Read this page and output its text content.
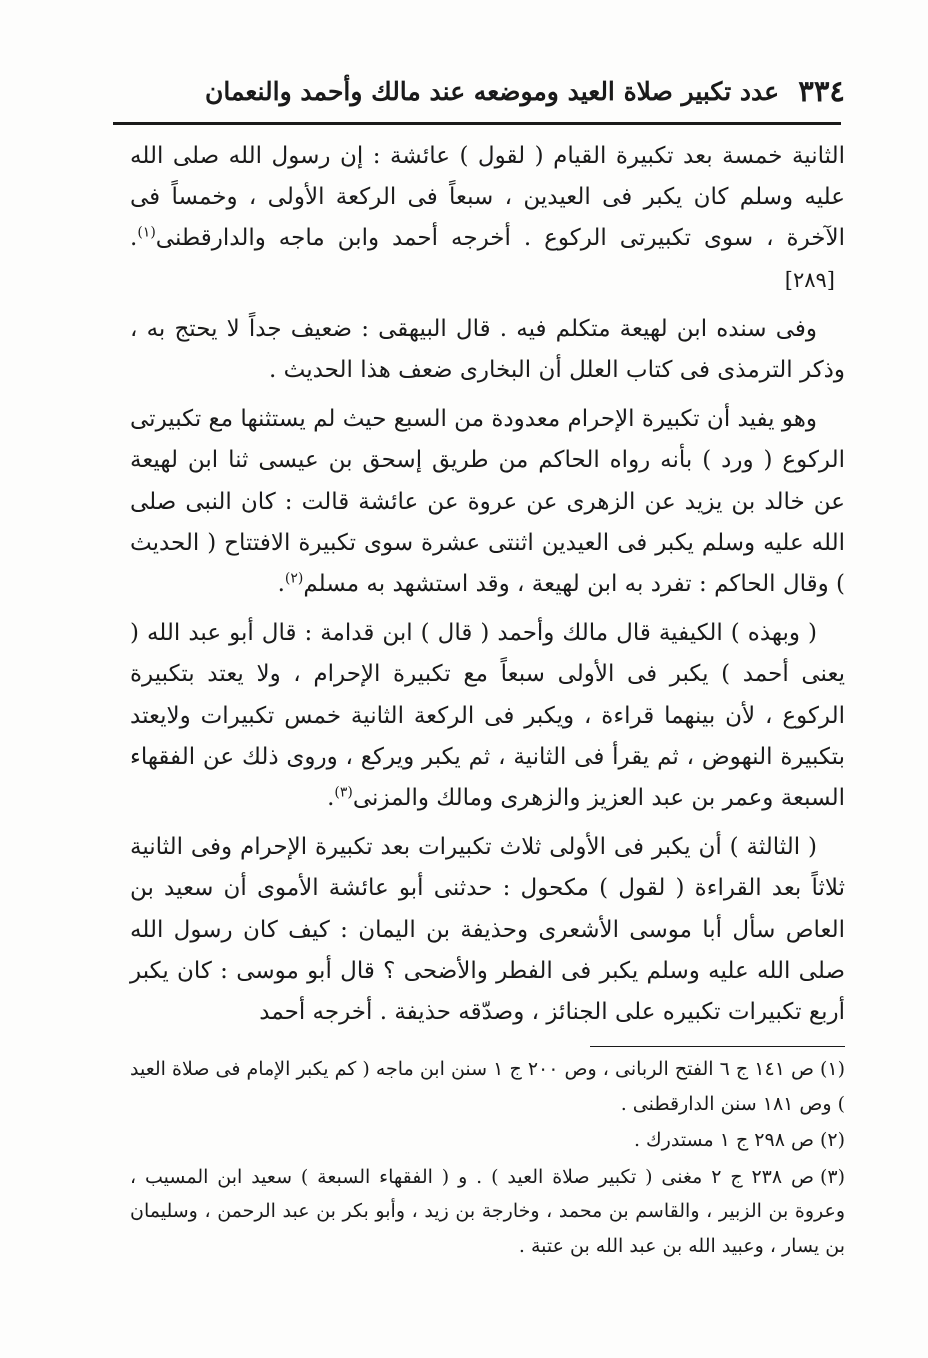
٣٣٤
عدد تكبير صلاة العيد وموضعه عند مالك وأحمد والنعمان

الثانية خمسة بعد تكبيرة القيام ( لقول ) عائشة : إن رسول الله صلى الله عليه وسلم كان يكبر فى العيدين ، سبعاً فى الركعة الأولى ، وخمساً فى الآخرة ، سوى تكبيرتى الركوع . أخرجه أحمد وابن ماجه والدارقطنى$^{(١)}$.[٢٨٩]

وفى سنده ابن لهيعة متكلم فيه . قال البيهقى : ضعيف جداً لا يحتج به ، وذكر الترمذى فى كتاب العلل أن البخارى ضعف هذا الحديث .

وهو يفيد أن تكبيرة الإحرام معدودة من السبع حيث لم يستثنها مع تكبيرتى الركوع ( ورد ) بأنه رواه الحاكم من طريق إسحق بن عيسى ثنا ابن لهيعة عن خالد بن يزيد عن الزهرى عن عروة عن عائشة قالت : كان النبى صلى الله عليه وسلم يكبر فى العيدين اثنتى عشرة سوى تكبيرة الافتتاح ( الحديث ) وقال الحاكم : تفرد به ابن لهيعة ، وقد استشهد به مسلم$^{(٢)}$.

( وبهذه ) الكيفية قال مالك وأحمد ( قال ) ابن قدامة : قال أبو عبد الله ( يعنى أحمد ) يكبر فى الأولى سبعاً مع تكبيرة الإحرام ، ولا يعتد بتكبيرة الركوع ، لأن بينهما قراءة ، ويكبر فى الركعة الثانية خمس تكبيرات ولايعتد بتكبيرة النهوض ، ثم يقرأ فى الثانية ، ثم يكبر ويركع ، وروى ذلك عن الفقهاء السبعة وعمر بن عبد العزيز والزهرى ومالك والمزنى$^{(٣)}$.

( الثالثة ) أن يكبر فى الأولى ثلاث تكبيرات بعد تكبيرة الإحرام وفى الثانية ثلاثاً بعد القراءة ( لقول ) مكحول : حدثنى أبو عائشة الأموى أن سعيد بن العاص سأل أبا موسى الأشعرى وحذيفة بن اليمان : كيف كان رسول الله صلى الله عليه وسلم يكبر فى الفطر والأضحى ؟ قال أبو موسى : كان يكبر أربع تكبيرات تكبيره على الجنائز ، وصدّقه حذيفة . أخرجه أحمد

(١)ص ١٤١ ج ٦ الفتح الربانى ، وص ٢٠٠ ج ١ سنن ابن ماجه ( كم يكبر الإمام فى صلاة العيد ) وص ١٨١ سنن الدارقطنى .

(٢)ص ٢٩٨ ج ١ مستدرك .

(٣)ص ٢٣٨ ج ٢ مغنى ( تكبير صلاة العيد ) . و ( الفقهاء السبعة ) سعيد ابن المسيب ، وعروة بن الزبير ، والقاسم بن محمد ، وخارجة بن زيد ، وأبو بكر بن عبد الرحمن ، وسليمان بن يسار ، وعبيد الله بن عبد الله بن عتبة .
